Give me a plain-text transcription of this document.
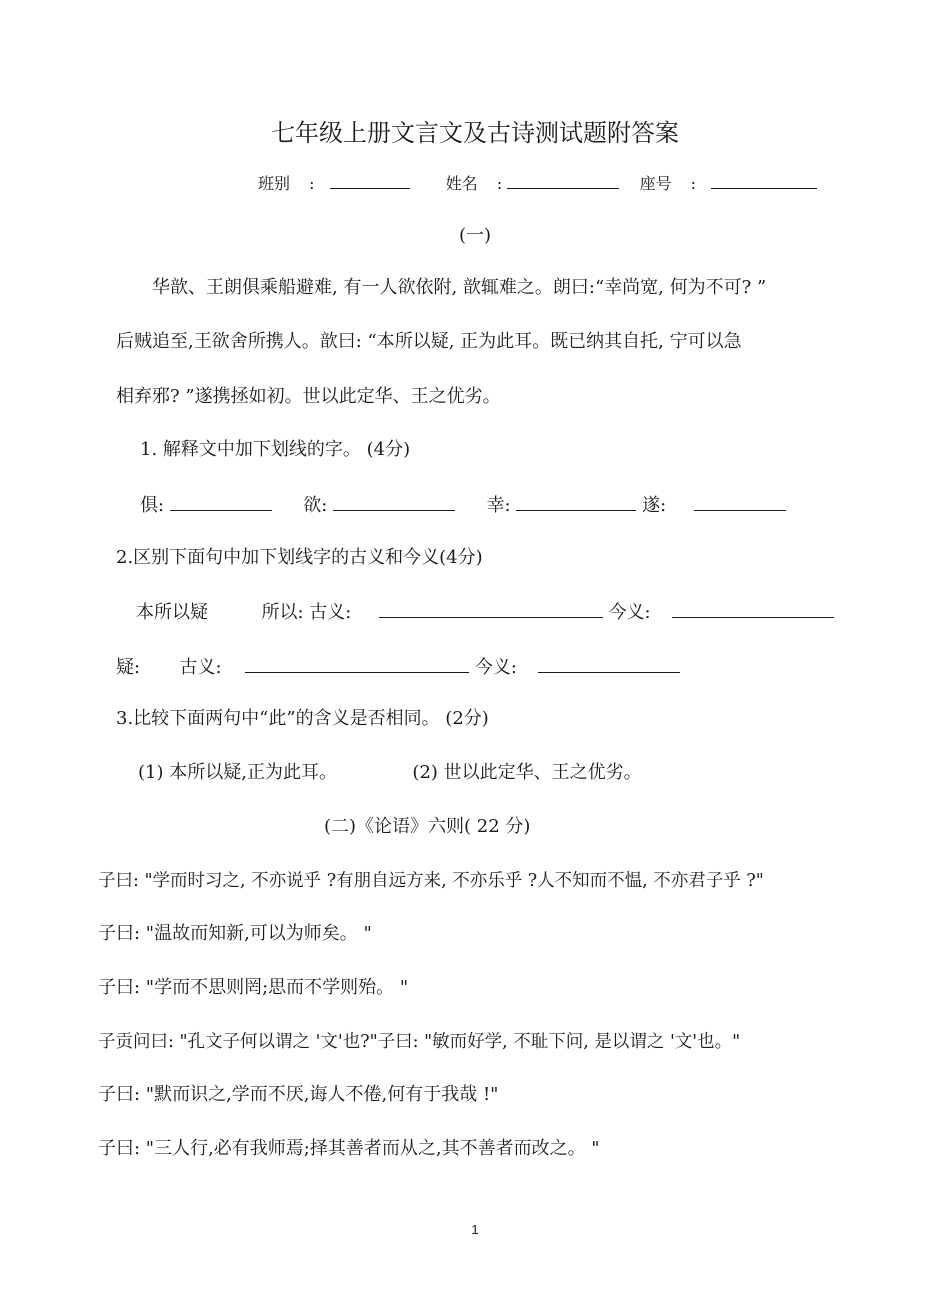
七年级上册文言文及古诗测试题附答案
班别 :	姓名 :	座号 :
(一)
华歆、王朗俱乘船避难, 有一人欲依附, 歆辄难之。朗曰:“幸尚宽, 何为不可? ”
后贼追至,王欲舍所携人。歆曰: “本所以疑, 正为此耳。既已纳其自托, 宁可以急
相弃邪? ”遂携拯如初。世以此定华、王之优劣。
1. 解释文中加下划线的字。 (4分)
俱:	欲:	幸:	遂:
2.区别下面句中加下划线字的古义和今义(4分)
本所以疑	所以: 古义:	今义:
疑: 古义:	今义:
3.比较下面两句中“此”的含义是否相同。 (2分)
(1) 本所以疑,正为此耳。	(2) 世以此定华、王之优劣。
(二)《论语》六则( 22 分)
子曰: "学而时习之, 不亦说乎 ?有朋自远方来, 不亦乐乎 ?人不知而不愠, 不亦君子乎 ?"
子曰: "温故而知新,可以为师矣。 "
子曰: "学而不思则罔;思而不学则殆。 "
子贡问曰: "孔文子何以谓之 '文'也?"子曰: "敏而好学, 不耻下问, 是以谓之 '文'也。"
子曰: "默而识之,学而不厌,诲人不倦,何有于我哉 !"
子曰: "三人行,必有我师焉;择其善者而从之,其不善者而改之。 "
1
